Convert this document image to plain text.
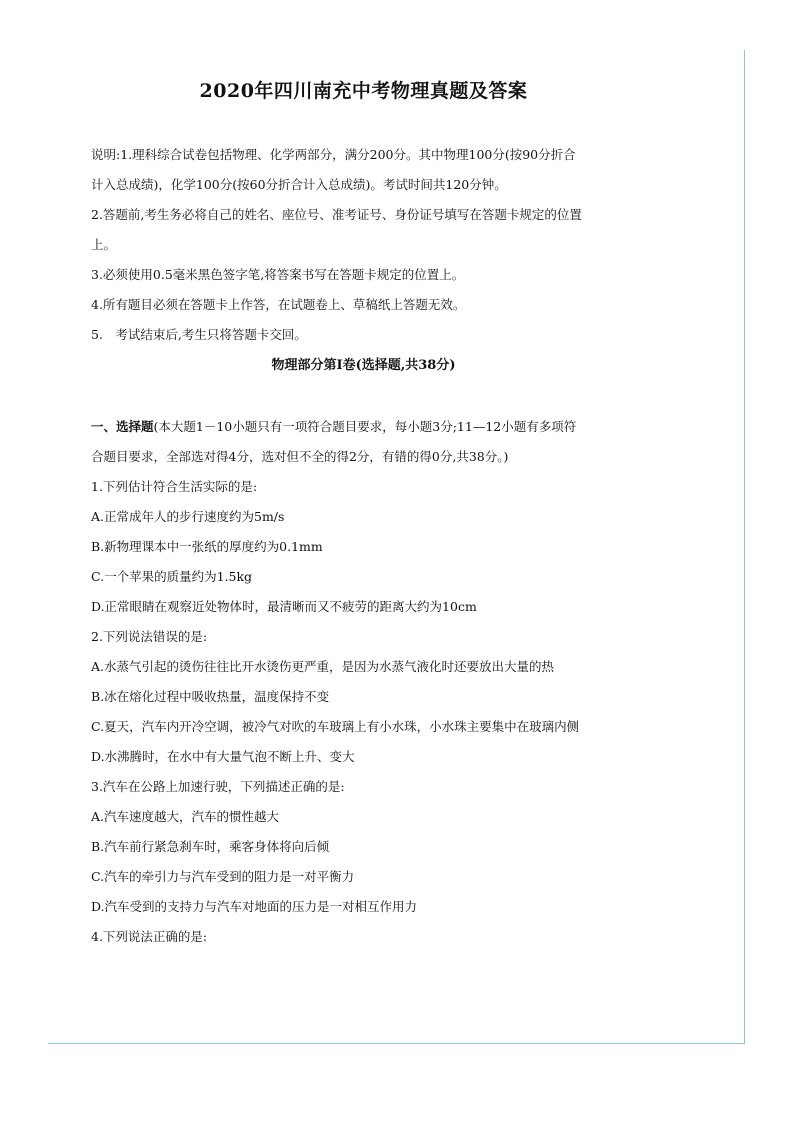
2020年四川南充中考物理真题及答案
说明:1.理科综合试卷包括物理、化学两部分，满分200分。其中物理100分(按90分折合
计入总成绩)，化学100分(按60分折合计入总成绩)。考试时间共120分钟。
2.答题前,考生务必将自己的姓名、座位号、准考证号、身份证号填写在答题卡规定的位置
上。
3.必须使用0.5毫米黑色签字笔,将答案书写在答题卡规定的位置上。
4.所有题目必须在答题卡上作答，在试题卷上、草稿纸上答题无效。
5.　考试结束后,考生只将答题卡交回。
物理部分第Ⅰ卷(选择题,共38分)
一、选择题(本大题1－10小题只有一项符合题目要求，每小题3分;11—12小题有多项符
合题目要求，全部选对得4分，选对但不全的得2分，有错的得0分,共38分。)
1.下列估计符合生活实际的是:
A.正常成年人的步行速度约为5m/s
B.新物理课本中一张纸的厚度约为0.1mm
C.一个苹果的质量约为1.5kg
D.正常眼睛在观察近处物体时，最清晰而又不疲劳的距离大约为10cm
2.下列说法错误的是:
A.水蒸气引起的烫伤往往比开水烫伤更严重，是因为水蒸气液化时还要放出大量的热
B.冰在熔化过程中吸收热量，温度保持不变
C.夏天，汽车内开冷空调，被冷气对吹的车玻璃上有小水珠，小水珠主要集中在玻璃内侧
D.水沸腾时，在水中有大量气泡不断上升、变大
3.汽车在公路上加速行驶，下列描述正确的是:
A.汽车速度越大，汽车的惯性越大
B.汽车前行紧急刹车时，乘客身体将向后倾
C.汽车的牵引力与汽车受到的阻力是一对平衡力
D.汽车受到的支持力与汽车对地面的压力是一对相互作用力
4.下列说法正确的是:
